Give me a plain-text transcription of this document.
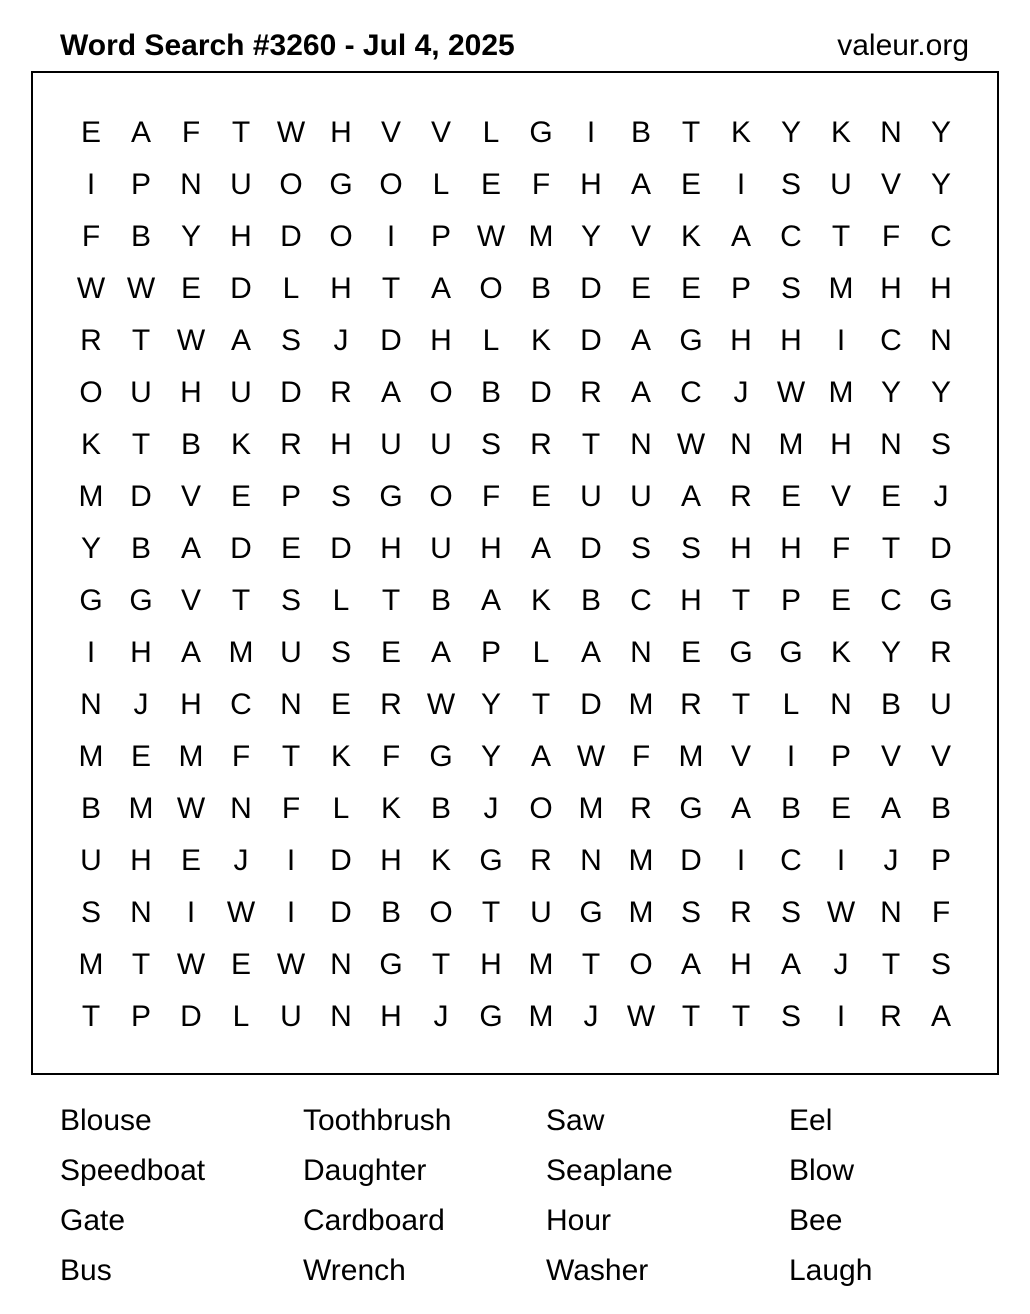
Word Search #3260 - Jul 4, 2025	valeur.org
E A	F	T W H V V	L G	I	B	T	K Y K N Y
I	P N U O G O L	E	F	H A E	I	S U V Y
F	B Y H D O	I	P W M Y V K A C	T	F	C
W W E D	L	H	T	A O B D E E P S M H H
R	T W A S	J	D H	L	K D A G H H	I	C N
O U H U D R A O B D R A C	J W M Y Y
K	T	B K R H U U S R	T	N W N M H N S
M D V E P S G O F	E U U A R E V E	J
Y B A D E D H U H A D S S H H	F	T	D
G G V	T	S	L	T	B A K B C H	T	P E C G
I	H A M U S E A P	L	A N E G G K Y R
N	J	H C N E R W Y	T	D M R	T	L	N B U
M E M F	T	K	F G Y A W F M V	I	P V V
B M W N	F	L	K B	J	O M R G A B E A B
U H E	J	I	D H K G R N M D	I	C	I	J	P
S N	I	W	I	D B O T	U G M S R S W N	F
M T W E W N G T	H M T O A H A	J	T	S
T	P D	L	U N H	J	G M	J W T	T	S	I	R A
Blouse	Toothbrush	Saw	Eel
Speedboat	Daughter	Seaplane	Blow
Gate	Cardboard	Hour	Bee
Bus	Wrench	Washer	Laugh
